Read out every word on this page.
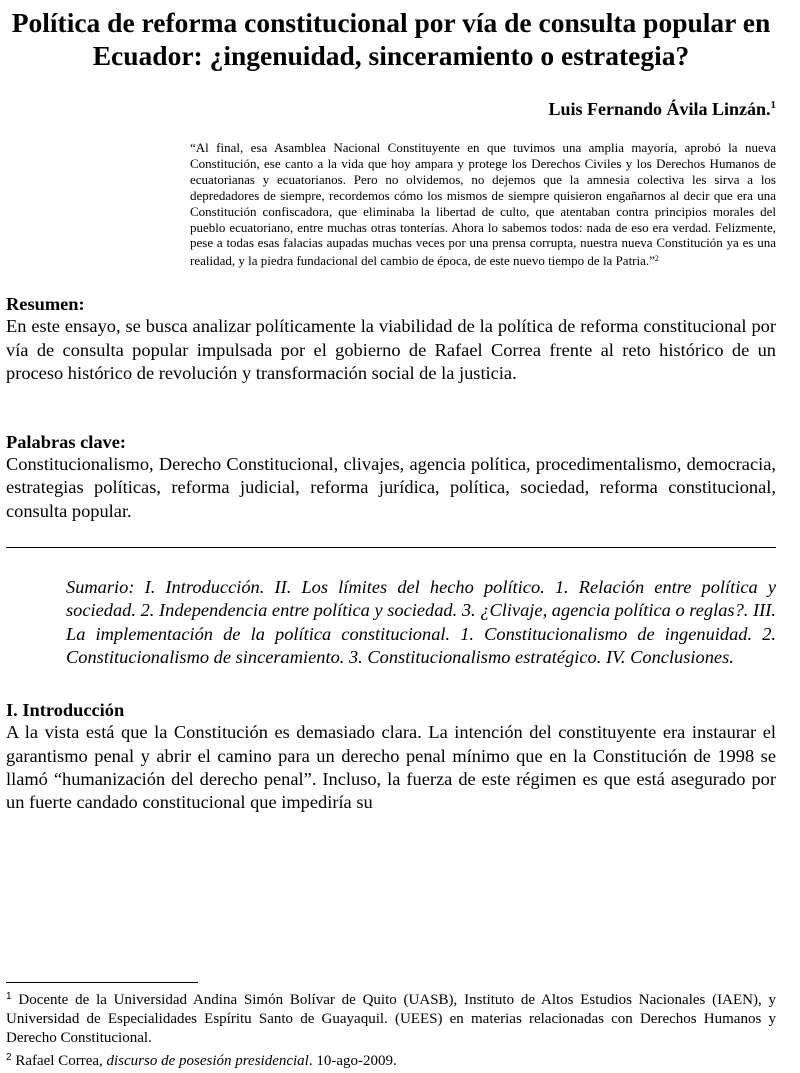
Política de reforma constitucional por vía de consulta popular en Ecuador: ¿ingenuidad, sinceramiento o estrategia?
Luis Fernando Ávila Linzán.$^1$
“Al final, esa Asamblea Nacional Constituyente en que tuvimos una amplia mayoría, aprobó la nueva Constitución, ese canto a la vida que hoy ampara y protege los Derechos Civiles y los Derechos Humanos de ecuatorianas y ecuatorianos. Pero no olvidemos, no dejemos que la amnesia colectiva les sirva a los depredadores de siempre, recordemos cómo los mismos de siempre quisieron engañarnos al decir que era una Constitución confiscadora, que eliminaba la libertad de culto, que atentaban contra principios morales del pueblo ecuatoriano, entre muchas otras tonterías. Ahora lo sabemos todos: nada de eso era verdad. Felizmente, pese a todas esas falacias aupadas muchas veces por una prensa corrupta, nuestra nueva Constitución ya es una realidad, y la piedra fundacional del cambio de época, de este nuevo tiempo de la Patria.”$^2$

Resumen:

En este ensayo, se busca analizar políticamente la viabilidad de la política de reforma constitucional por vía de consulta popular impulsada por el gobierno de Rafael Correa frente al reto histórico de un proceso histórico de revolución y transformación social de la justicia.

Palabras clave:

Constitucionalismo, Derecho Constitucional, clivajes, agencia política, procedimentalismo, democracia, estrategias políticas, reforma judicial, reforma jurídica, política, sociedad, reforma constitucional, consulta popular.

Sumario: I. Introducción. II. Los límites del hecho político. 1. Relación entre política y sociedad. 2. Independencia entre política y sociedad. 3. ¿Clivaje, agencia política o reglas?. III. La implementación de la política constitucional. 1. Constitucionalismo de ingenuidad. 2. Constitucionalismo de sinceramiento. 3. Constitucionalismo estratégico. IV. Conclusiones.

I. Introducción

A la vista está que la Constitución es demasiado clara. La intención del constituyente era instaurar el garantismo penal y abrir el camino para un derecho penal mínimo que en la Constitución de 1998 se llamó “humanización del derecho penal”. Incluso, la fuerza de este régimen es que está asegurado por un fuerte candado constitucional que impediría su

$^1$ Docente de la Universidad Andina Simón Bolívar de Quito (UASB), Instituto de Altos Estudios Nacionales (IAEN), y Universidad de Especialidades Espíritu Santo de Guayaquil. (UEES) en materias relacionadas con Derechos Humanos y Derecho Constitucional.

$^2$ Rafael Correa, discurso de posesión presidencial. 10-ago-2009.
